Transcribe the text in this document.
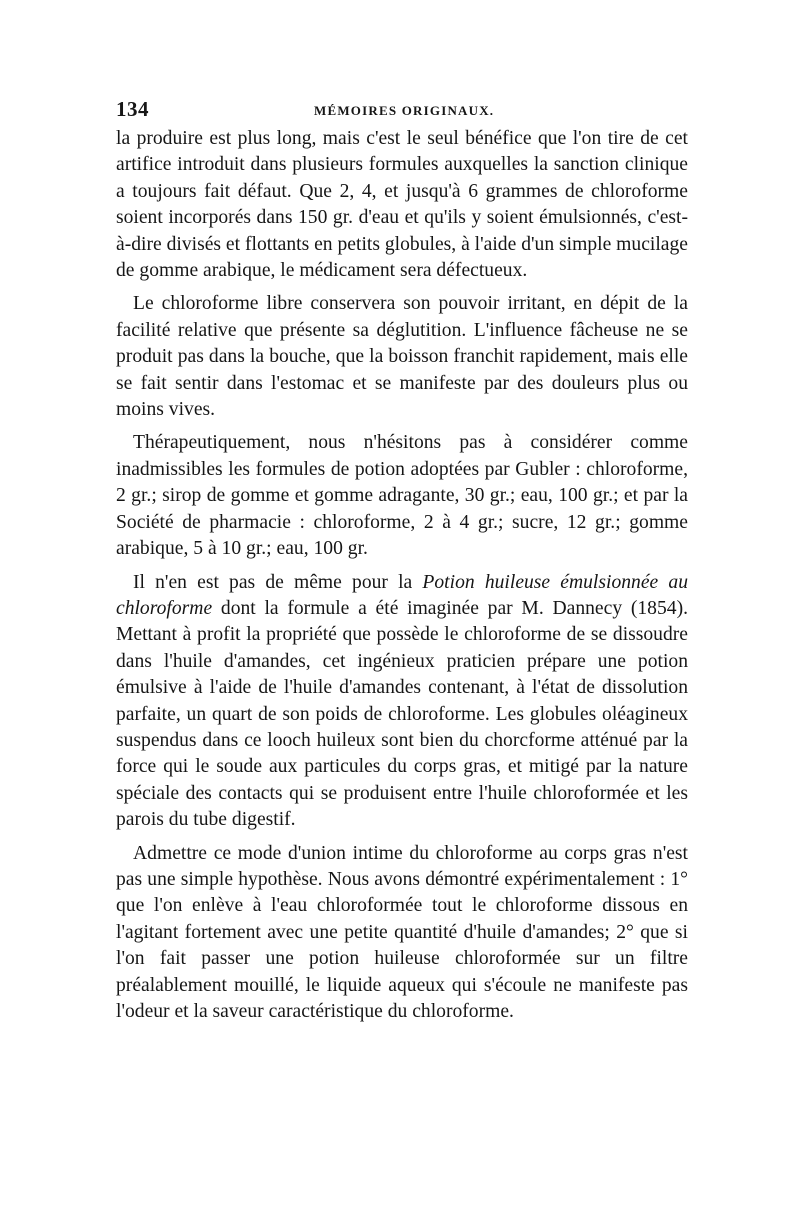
134	MÉMOIRES ORIGINAUX.

la produire est plus long, mais c'est le seul bénéfice que l'on tire de cet artifice introduit dans plusieurs formules auxquelles la sanction clinique a toujours fait défaut. Que 2, 4, et jusqu'à 6 grammes de chloroforme soient incorporés dans 150 gr. d'eau et qu'ils y soient émulsionnés, c'est-à-dire divisés et flottants en petits globules, à l'aide d'un simple mucilage de gomme arabique, le médicament sera défectueux.

Le chloroforme libre conservera son pouvoir irritant, en dépit de la facilité relative que présente sa déglutition. L'influence fâcheuse ne se produit pas dans la bouche, que la boisson franchit rapidement, mais elle se fait sentir dans l'estomac et se manifeste par des douleurs plus ou moins vives.

Thérapeutiquement, nous n'hésitons pas à considérer comme inadmissibles les formules de potion adoptées par Gubler : chloroforme, 2 gr.; sirop de gomme et gomme adragante, 30 gr.; eau, 100 gr.; et par la Société de pharmacie : chloroforme, 2 à 4 gr.; sucre, 12 gr.; gomme arabique, 5 à 10 gr.; eau, 100 gr.

Il n'en est pas de même pour la Potion huileuse émulsionnée au chloroforme dont la formule a été imaginée par M. Dannecy (1854). Mettant à profit la propriété que possède le chloroforme de se dissoudre dans l'huile d'amandes, cet ingénieux praticien prépare une potion émulsive à l'aide de l'huile d'amandes contenant, à l'état de dissolution parfaite, un quart de son poids de chloroforme. Les globules oléagineux suspendus dans ce looch huileux sont bien du chorcforme atténué par la force qui le soude aux particules du corps gras, et mitigé par la nature spéciale des contacts qui se produisent entre l'huile chloroformée et les parois du tube digestif.

Admettre ce mode d'union intime du chloroforme au corps gras n'est pas une simple hypothèse. Nous avons démontré expérimentalement : 1° que l'on enlève à l'eau chloroformée tout le chloroforme dissous en l'agitant fortement avec une petite quantité d'huile d'amandes; 2° que si l'on fait passer une potion huileuse chloroformée sur un filtre préalablement mouillé, le liquide aqueux qui s'écoule ne manifeste pas l'odeur et la saveur caractéristique du chloroforme.
